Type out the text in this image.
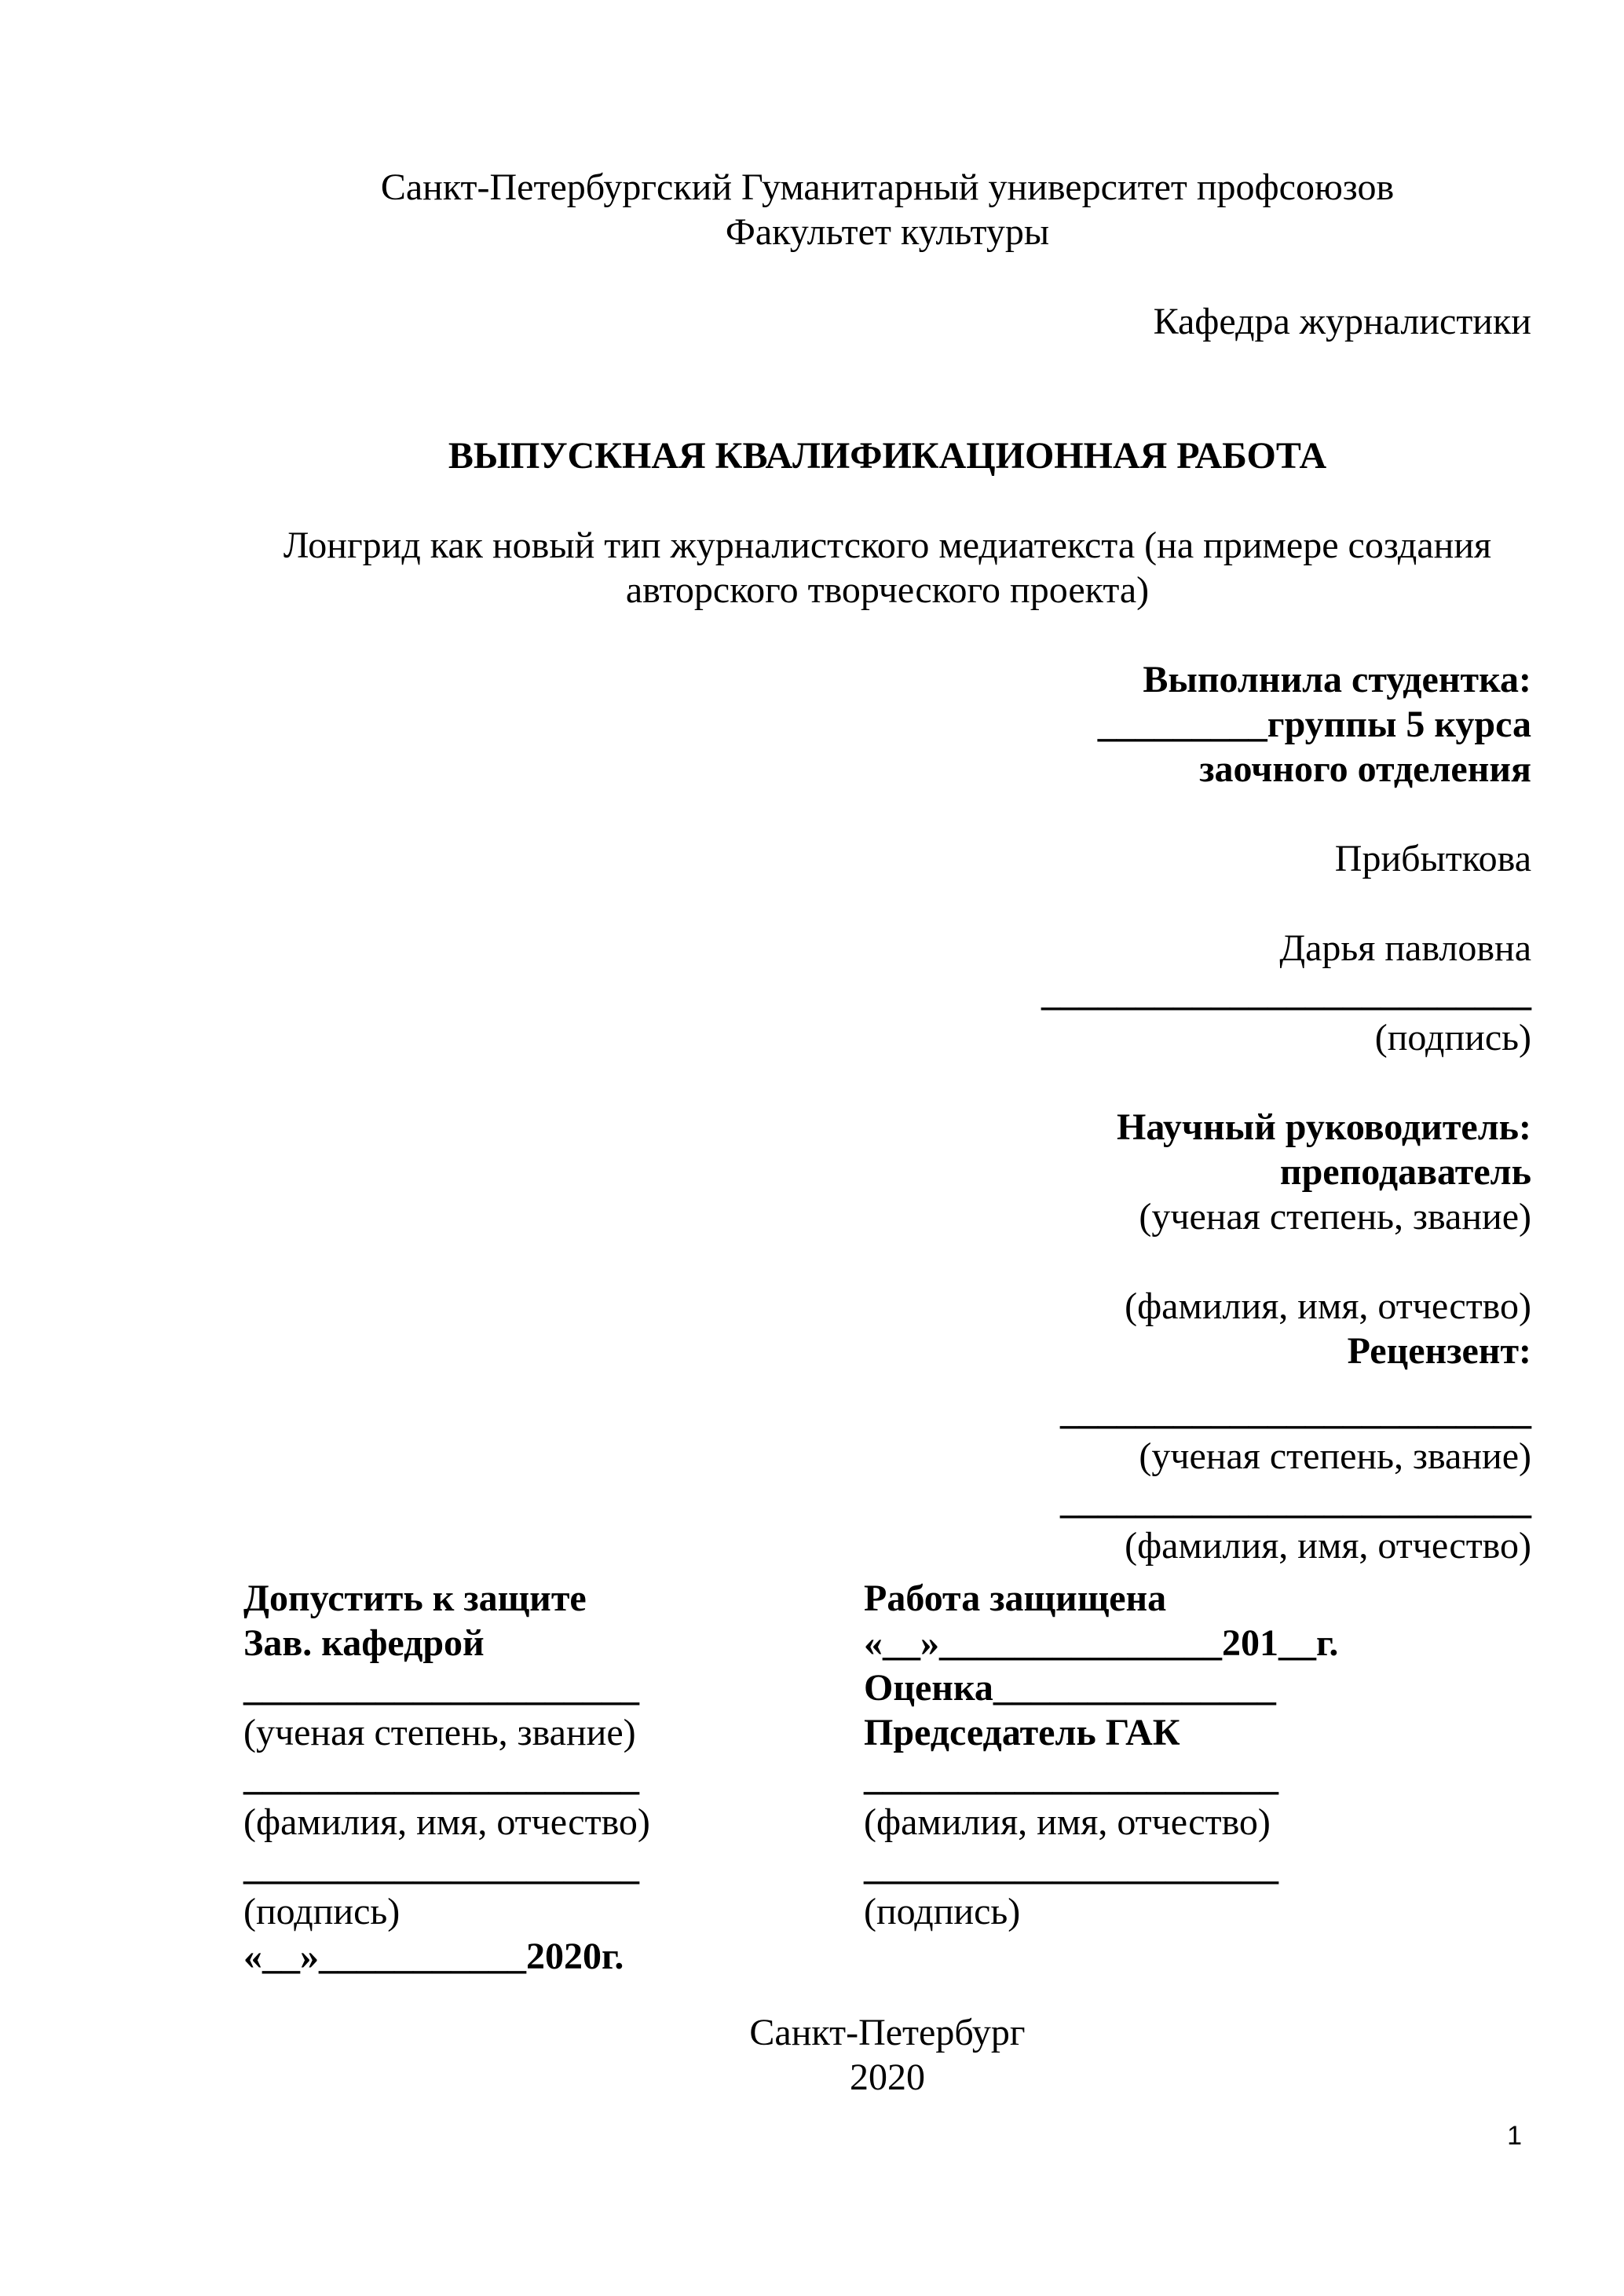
Санкт-Петербургский Гуманитарный университет профсоюзов

Факультет культуры

Кафедра журналистики

ВЫПУСКНАЯ КВАЛИФИКАЦИОННАЯ РАБОТА

Лонгрид как новый тип журналистского медиатекста (на примере создания авторского творческого проекта)

Выполнила студентка:

_________группы 5 курса

заочного отделения

Прибыткова

Дарья павловна

__________________________

(подпись)

Научный руководитель:

преподаватель

(ученая степень, звание)

(фамилия, имя, отчество)

Рецензент:

_________________________

(ученая степень, звание)

_________________________

(фамилия, имя, отчество)

Допустить к защите

Зав. кафедрой

_____________________

(ученая степень, звание)

_____________________

(фамилия, имя, отчество)

_____________________

(подпись)

«__»___________2020г.

Работа защищена

«__»_______________201__г.

Оценка_______________

Председатель ГАК

______________________

(фамилия, имя, отчество)

______________________

(подпись)

Санкт-Петербург

2020

1
